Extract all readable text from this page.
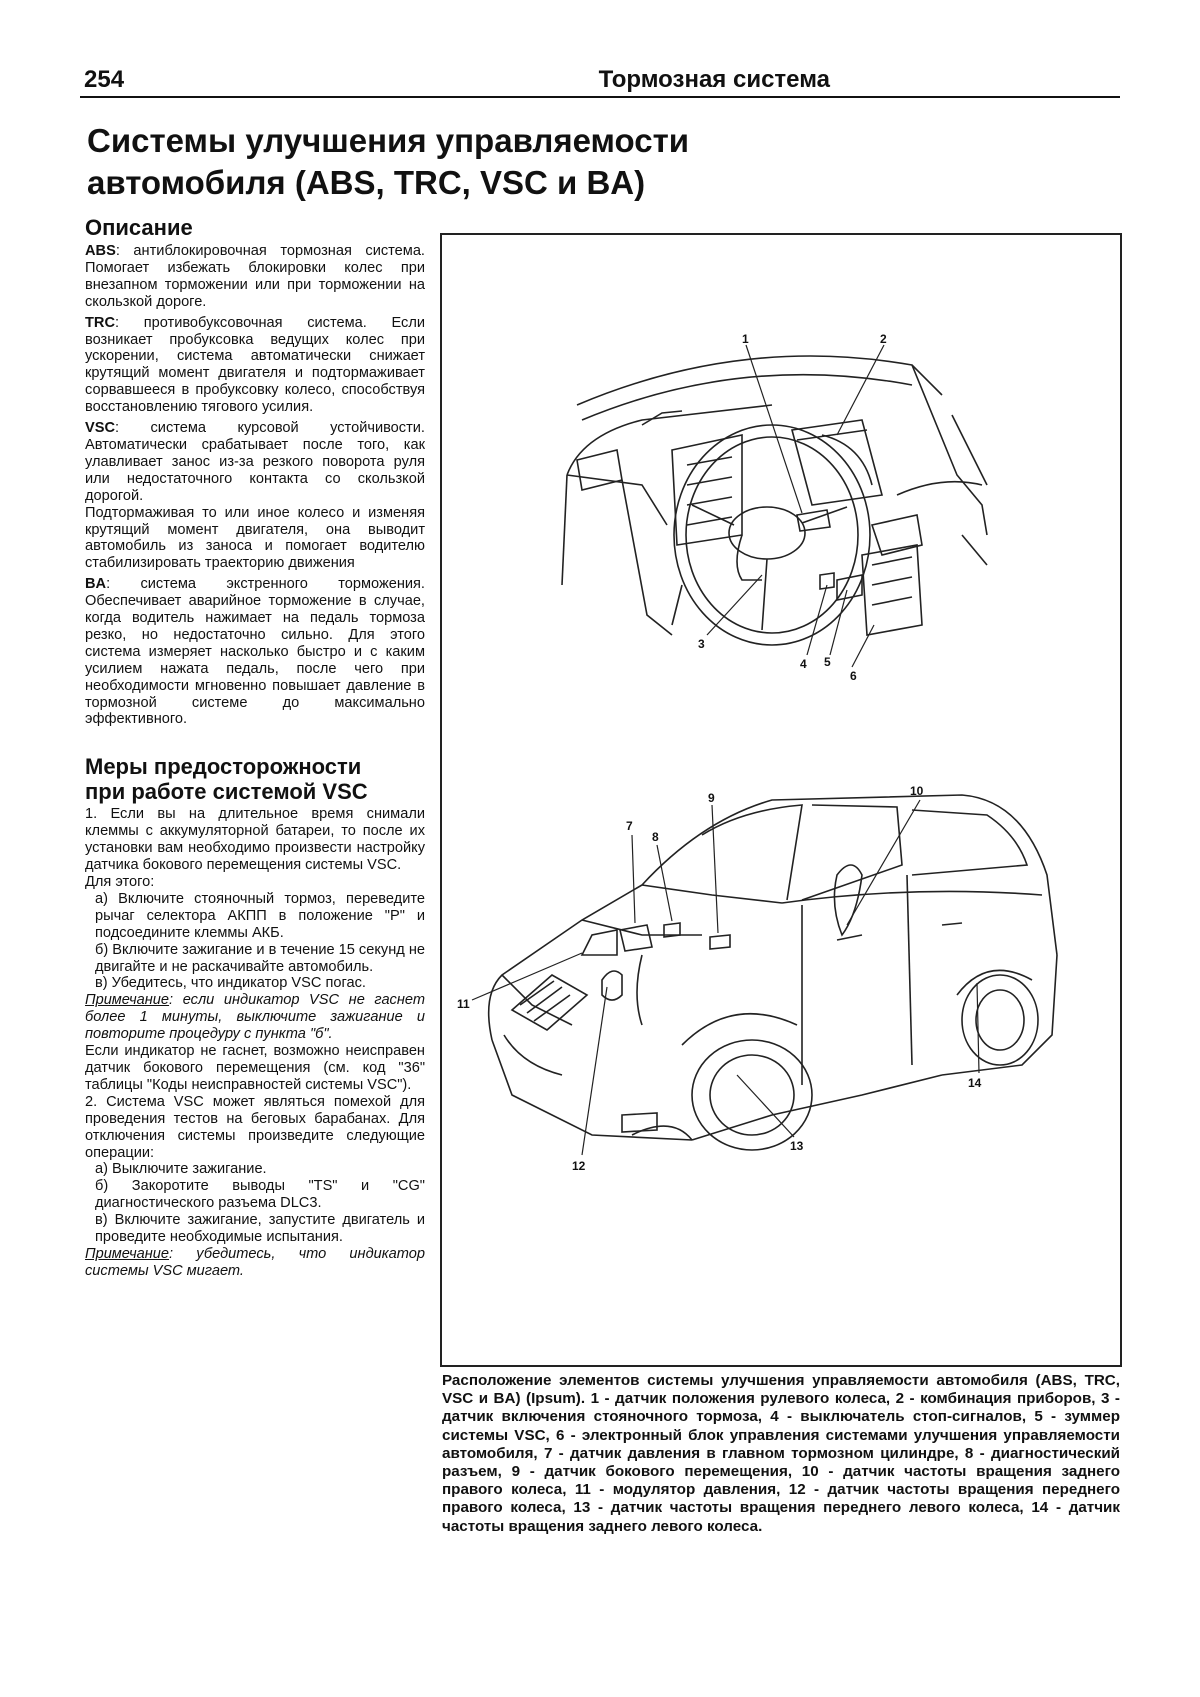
254	Тормозная система
Системы улучшения управляемости
автомобиля (ABS, TRC, VSC и BA)
Описание

ABS: антиблокировочная тормозная система. Помогает избежать блокировки колес при внезапном торможении или при торможении на скользкой дороге.

TRC: противобуксовочная система. Если возникает пробуксовка ведущих колес при ускорении, система автоматически снижает крутящий момент двигателя и подтормаживает сорвавшееся в пробуксовку колесо, способствуя восстановлению тягового усилия.

VSC: система курсовой устойчивости. Автоматически срабатывает после того, как улавливает занос из-за резкого поворота руля или недостаточного контакта со скользкой дорогой.

Подтормаживая то или иное колесо и изменяя крутящий момент двигателя, она выводит автомобиль из заноса и помогает водителю стабилизировать траекторию движения

BA: система экстренного торможения. Обеспечивает аварийное торможение в случае, когда водитель нажимает на педаль тормоза резко, но недостаточно сильно. Для этого система измеряет насколько быстро и с каким усилием нажата педаль, после чего при необходимости мгновенно повышает давление в тормозной системе до максимально эффективного.

Меры предосторожности
при работе системой VSC

1. Если вы на длительное время снимали клеммы с аккумуляторной батареи, то после их установки вам необходимо произвести настройку датчика бокового перемещения системы VSC.

Для этого:

а) Включите стояночный тормоз, переведите рычаг селектора АКПП в положение "P" и подсоедините клеммы АКБ.

б) Включите зажигание и в течение 15 секунд не двигайте и не раскачивайте автомобиль.

в) Убедитесь, что индикатор VSC погас.

Примечание: если индикатор VSC не гаснет более 1 минуты, выключите зажигание и повторите процедуру с пункта "б".

Если индикатор не гаснет, возможно неисправен датчик бокового перемещения (см. код "36" таблицы "Коды неисправностей системы VSC").

2. Система VSC может являться помехой для проведения тестов на беговых барабанах. Для отключения системы произведите следующие операции:

а) Выключите зажигание.

б) Закоротите выводы "TS" и "CG" диагностического разъема DLC3.

в) Включите зажигание, запустите двигатель и проведите необходимые испытания.

Примечание: убедитесь, что индикатор системы VSC мигает.

1	2
3
4 5
6
7
8
9	10
11
12
13
14
Расположение элементов системы улучшения управляемости автомобиля (ABS, TRC, VSC и BA) (Ipsum). 1 - датчик положения рулевого колеса, 2 - комбинация приборов, 3 - датчик включения стояночного тормоза, 4 - выключатель стоп-сигналов, 5 - зуммер системы VSC, 6 - электронный блок управления системами улучшения управляемости автомобиля, 7 - датчик давления в главном тормозном цилиндре, 8 - диагностический разъем, 9 - датчик бокового перемещения, 10 - датчик частоты вращения заднего правого колеса, 11 - модулятор давления, 12 - датчик частоты вращения переднего правого колеса, 13 - датчик частоты вращения переднего левого колеса, 14 - датчик частоты вращения заднего левого колеса.
